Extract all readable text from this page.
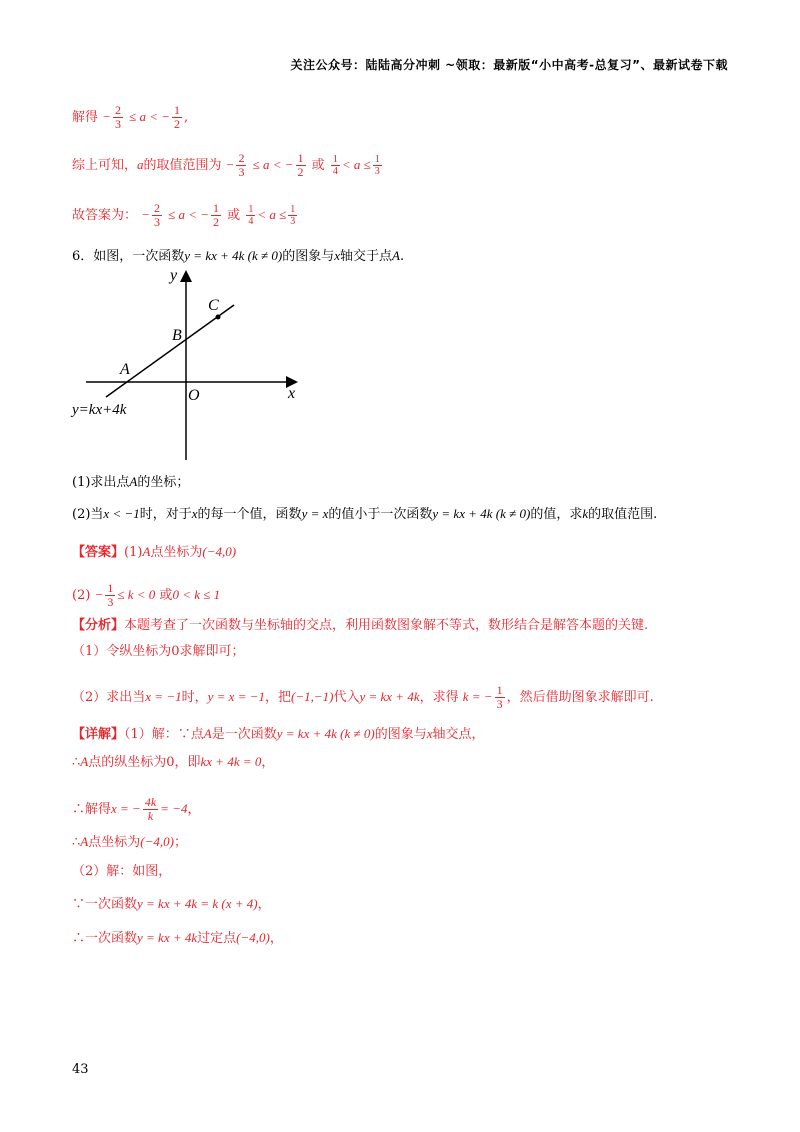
关注公众号：陆陆高分冲刺 ~领取：最新版“小中高考-总复习”、最新试卷下载
解得 − $\frac{2}{3} \le a$ < − $\frac{1}{2}$ ,
综上可知，a的取值范围为 − $\frac{2}{3} \le a$ < − $\frac{1}{2}$ 或 $\frac{1}{4} < a \le \frac{1}{3}$
故答案为： − $\frac{2}{3} \le a$ < − $\frac{1}{2}$ 或 $\frac{1}{4} < a \le \frac{1}{3}$
6．如图，一次函数y = kx + 4k (k ≠ 0)的图象与x轴交于点A.
y
x
A
B
C
O
y=kx+4k
(1)求出点A的坐标；
(2)当x < −1时，对于x的每一个值，函数y = x的值小于一次函数y = kx + 4k (k ≠ 0)的值，求k的取值范围.
【答案】(1)A点坐标为(−4,0)
$(2) - \frac{1}{3} \le k < 0$ 或0 < k ≤ 1
【分析】本题考查了一次函数与坐标轴的交点，利用函数图象解不等式，数形结合是解答本题的关键.
（1）令纵坐标为0求解即可；
（2）求出当x = −1时，y = x = −1，把(−1,−1)代入y = kx + 4k，求得 k = − $\frac{1}{3}$ ，然后借助图象求解即可.
【详解】（1）解：∵点A是一次函数y = kx + 4k (k ≠ 0)的图象与x轴交点，
∴A点的纵坐标为0，即kx + 4k = 0，
∴解得x = − $\frac{4k}{k} = -4$，
∴A点坐标为(−4,0)；
（2）解：如图，
∵一次函数y = kx + 4k = k (x + 4)，
∴一次函数y = kx + 4k过定点(−4,0)，
43
